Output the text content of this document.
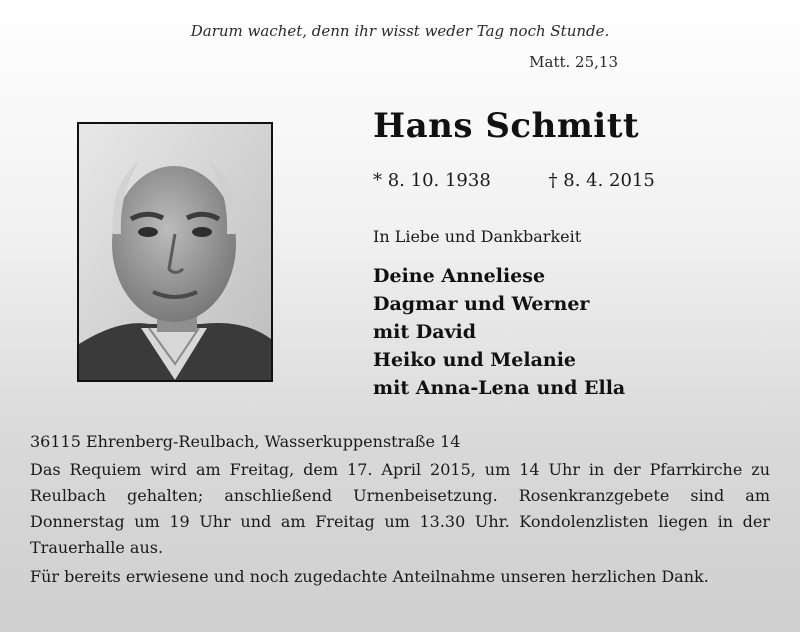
Darum wachet, denn ihr wisst weder Tag noch Stunde.
Matt. 25,13
Hans Schmitt
* 8. 10. 1938	† 8. 4. 2015
In Liebe und Dankbarkeit
Deine Anneliese
Dagmar und Werner
mit David
Heiko und Melanie
mit Anna-Lena und Ella

36115 Ehrenberg-Reulbach, Wasserkuppenstraße 14

Das Requiem wird am Freitag, dem 17. April 2015, um 14 Uhr in der Pfarrkirche zu Reulbach gehalten; anschließend Urnenbeisetzung. Rosenkranzgebete sind am Donnerstag um 19 Uhr und am Freitag um 13.30 Uhr. Kondolenzlisten liegen in der Trauerhalle aus.

Für bereits erwiesene und noch zugedachte Anteilnahme unseren herzlichen Dank.
